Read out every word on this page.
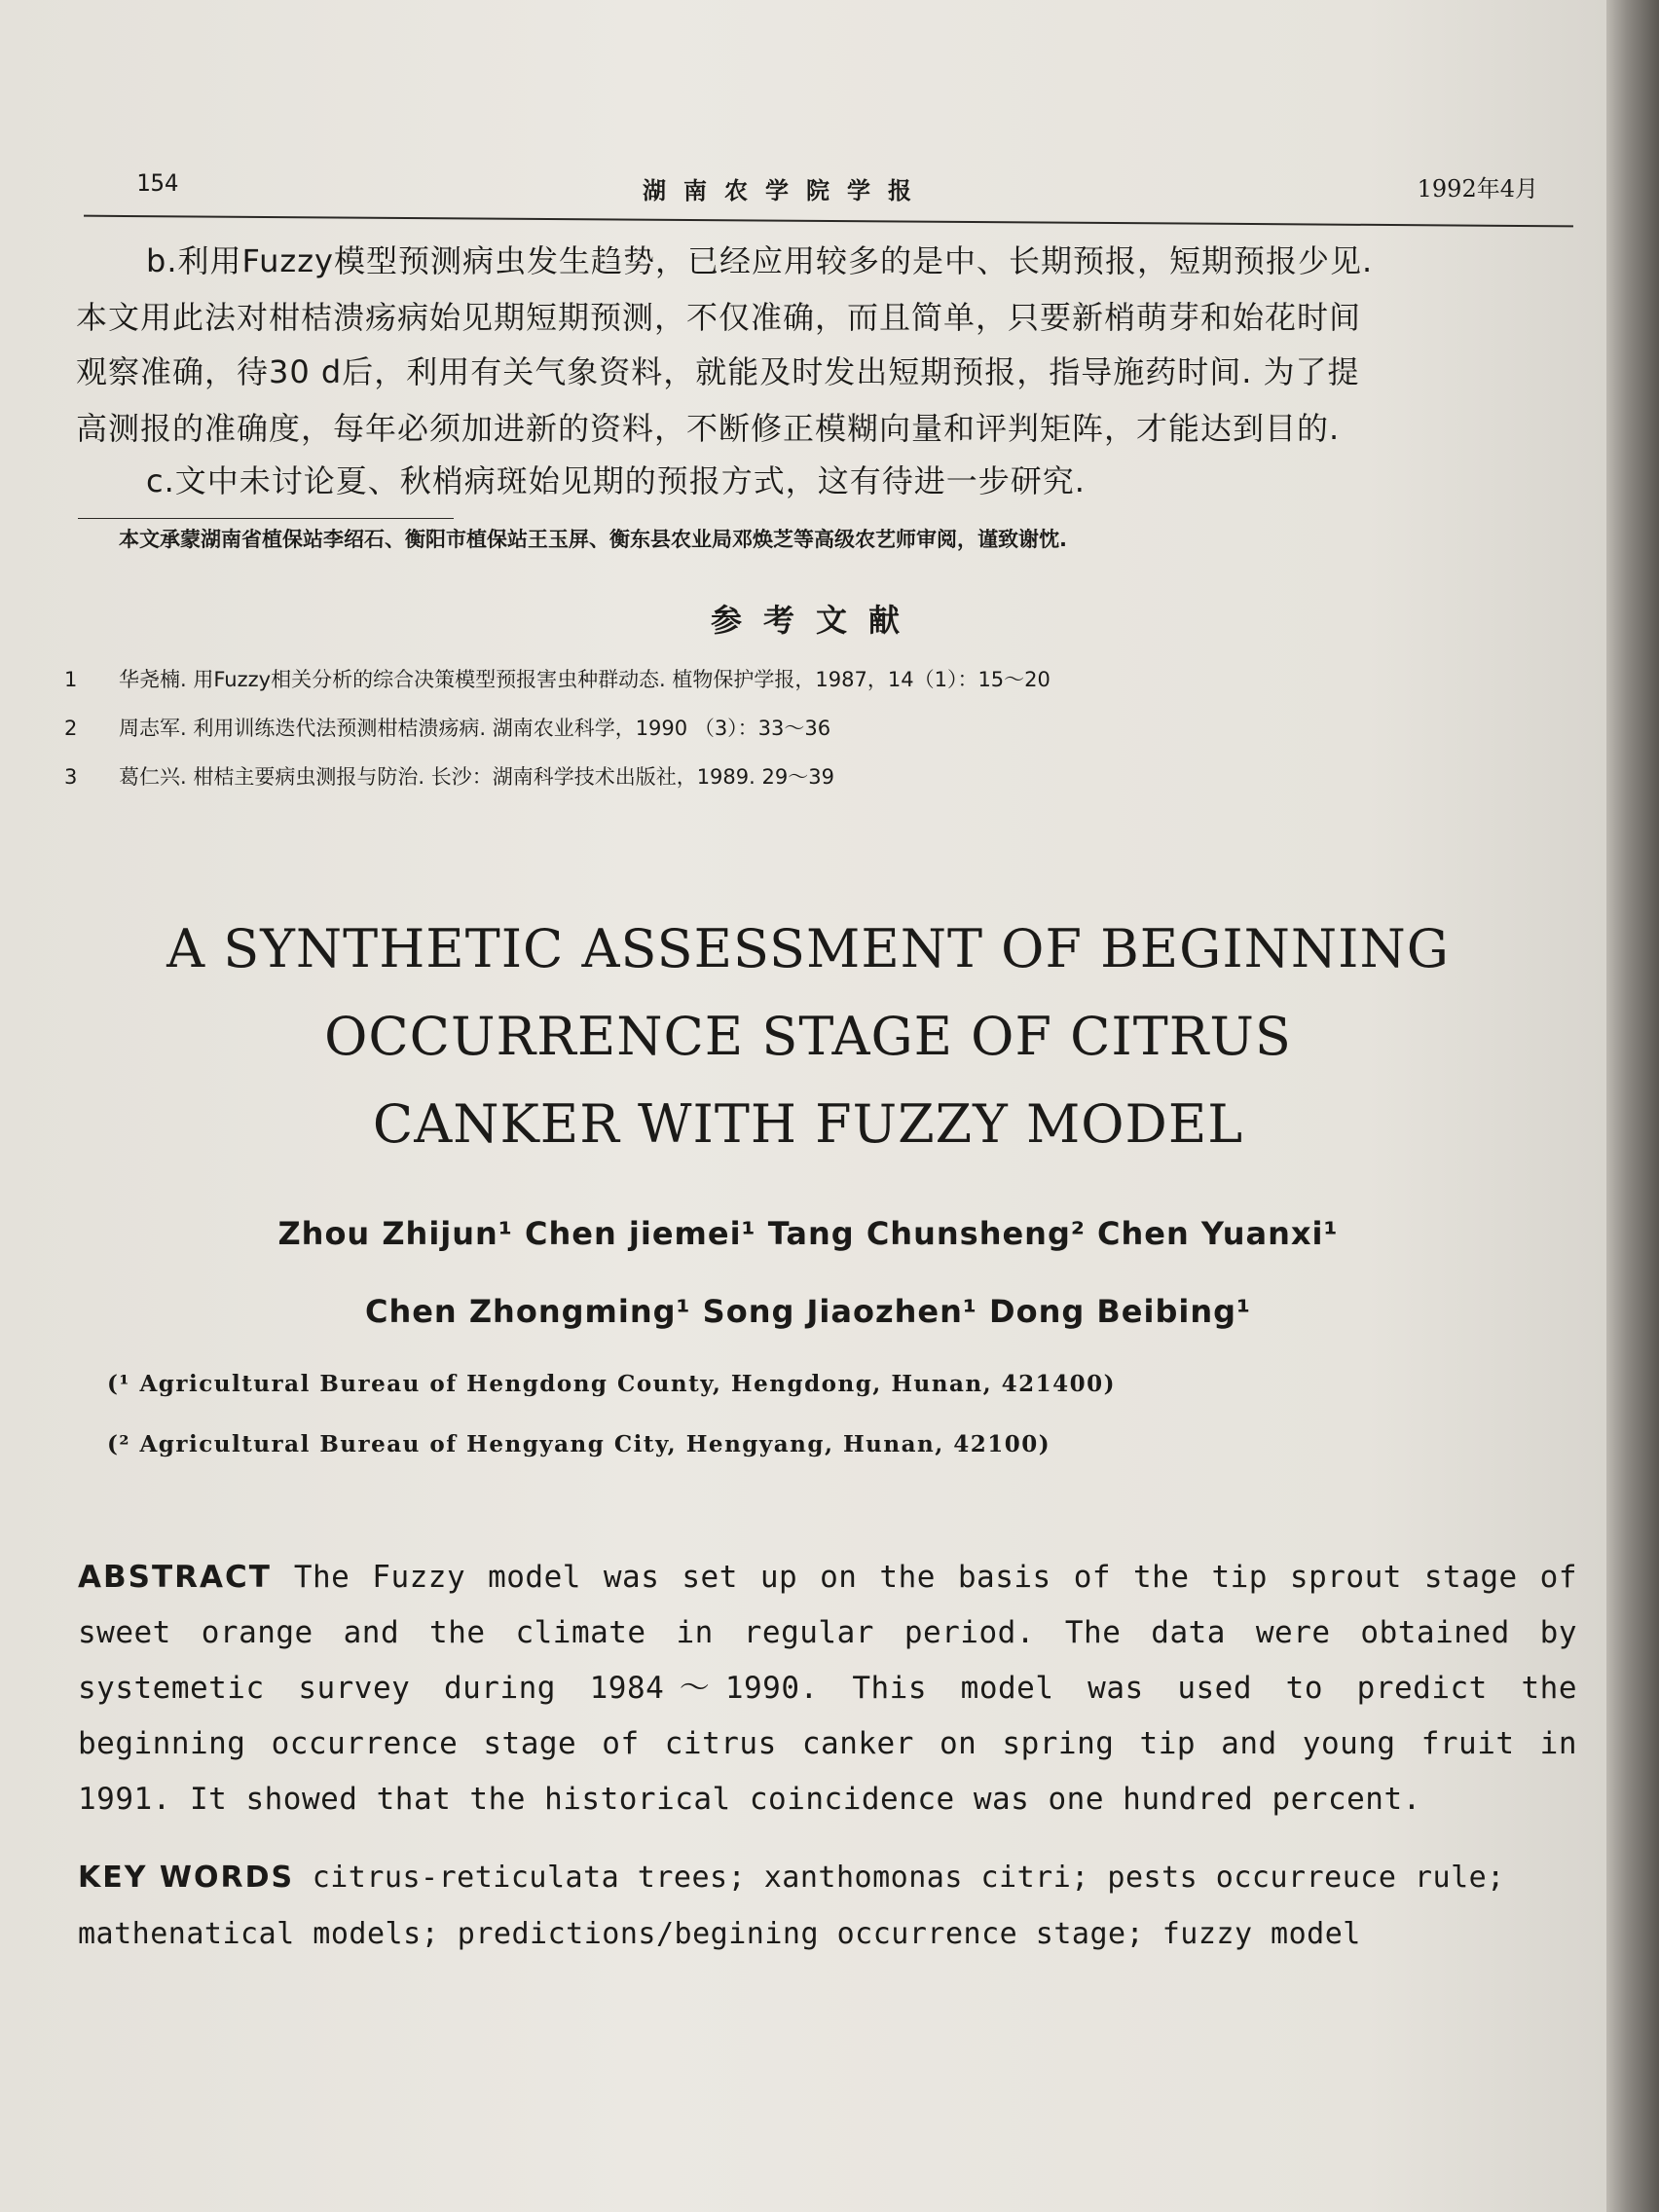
154	湖南农学院学报	1992年4月
b.利用Fuzzy模型预测病虫发生趋势，已经应用较多的是中、长期预报，短期预报少见.
本文用此法对柑桔溃疡病始见期短期预测，不仅准确，而且简单，只要新梢萌芽和始花时间
观察准确，待30 d后，利用有关气象资料，就能及时发出短期预报，指导施药时间. 为了提
高测报的准确度，每年必须加进新的资料，不断修正模糊向量和评判矩阵，才能达到目的.
c.文中未讨论夏、秋梢病斑始见期的预报方式，这有待进一步研究.
本文承蒙湖南省植保站李绍石、衡阳市植保站王玉屏、衡东县农业局邓焕芝等高级农艺师审阅，谨致谢忱.
参考文献
1 华尧楠. 用Fuzzy相关分析的综合决策模型预报害虫种群动态. 植物保护学报，1987，14（1）：15～20
2 周志军. 利用训练迭代法预测柑桔溃疡病. 湖南农业科学，1990 （3）：33～36
3 葛仁兴. 柑桔主要病虫测报与防治. 长沙：湖南科学技术出版社，1989. 29～39
A SYNTHETIC ASSESSMENT OF BEGINNING
OCCURRENCE STAGE OF CITRUS
CANKER WITH FUZZY MODEL
Zhou Zhijun¹ Chen jiemei¹ Tang Chunsheng² Chen Yuanxi¹
Chen Zhongming¹ Song Jiaozhen¹ Dong Beibing¹
(¹ Agricultural Bureau of Hengdong County, Hengdong, Hunan, 421400)
(² Agricultural Bureau of Hengyang City, Hengyang, Hunan, 42100)
ABSTRACT The Fuzzy model was set up on the basis of the tip sprout stage of sweet orange and the climate in regular period. The data were obtained by systemetic survey during 1984～1990. This model was used to predict the beginning occurrence stage of citrus canker on spring tip and young fruit in 1991. It showed that the historical coincidence was one hundred percent.
KEY WORDS citrus-reticulata trees; xanthomonas citri; pests occurreuce rule; mathenatical models; predictions/begining occurrence stage; fuzzy model
